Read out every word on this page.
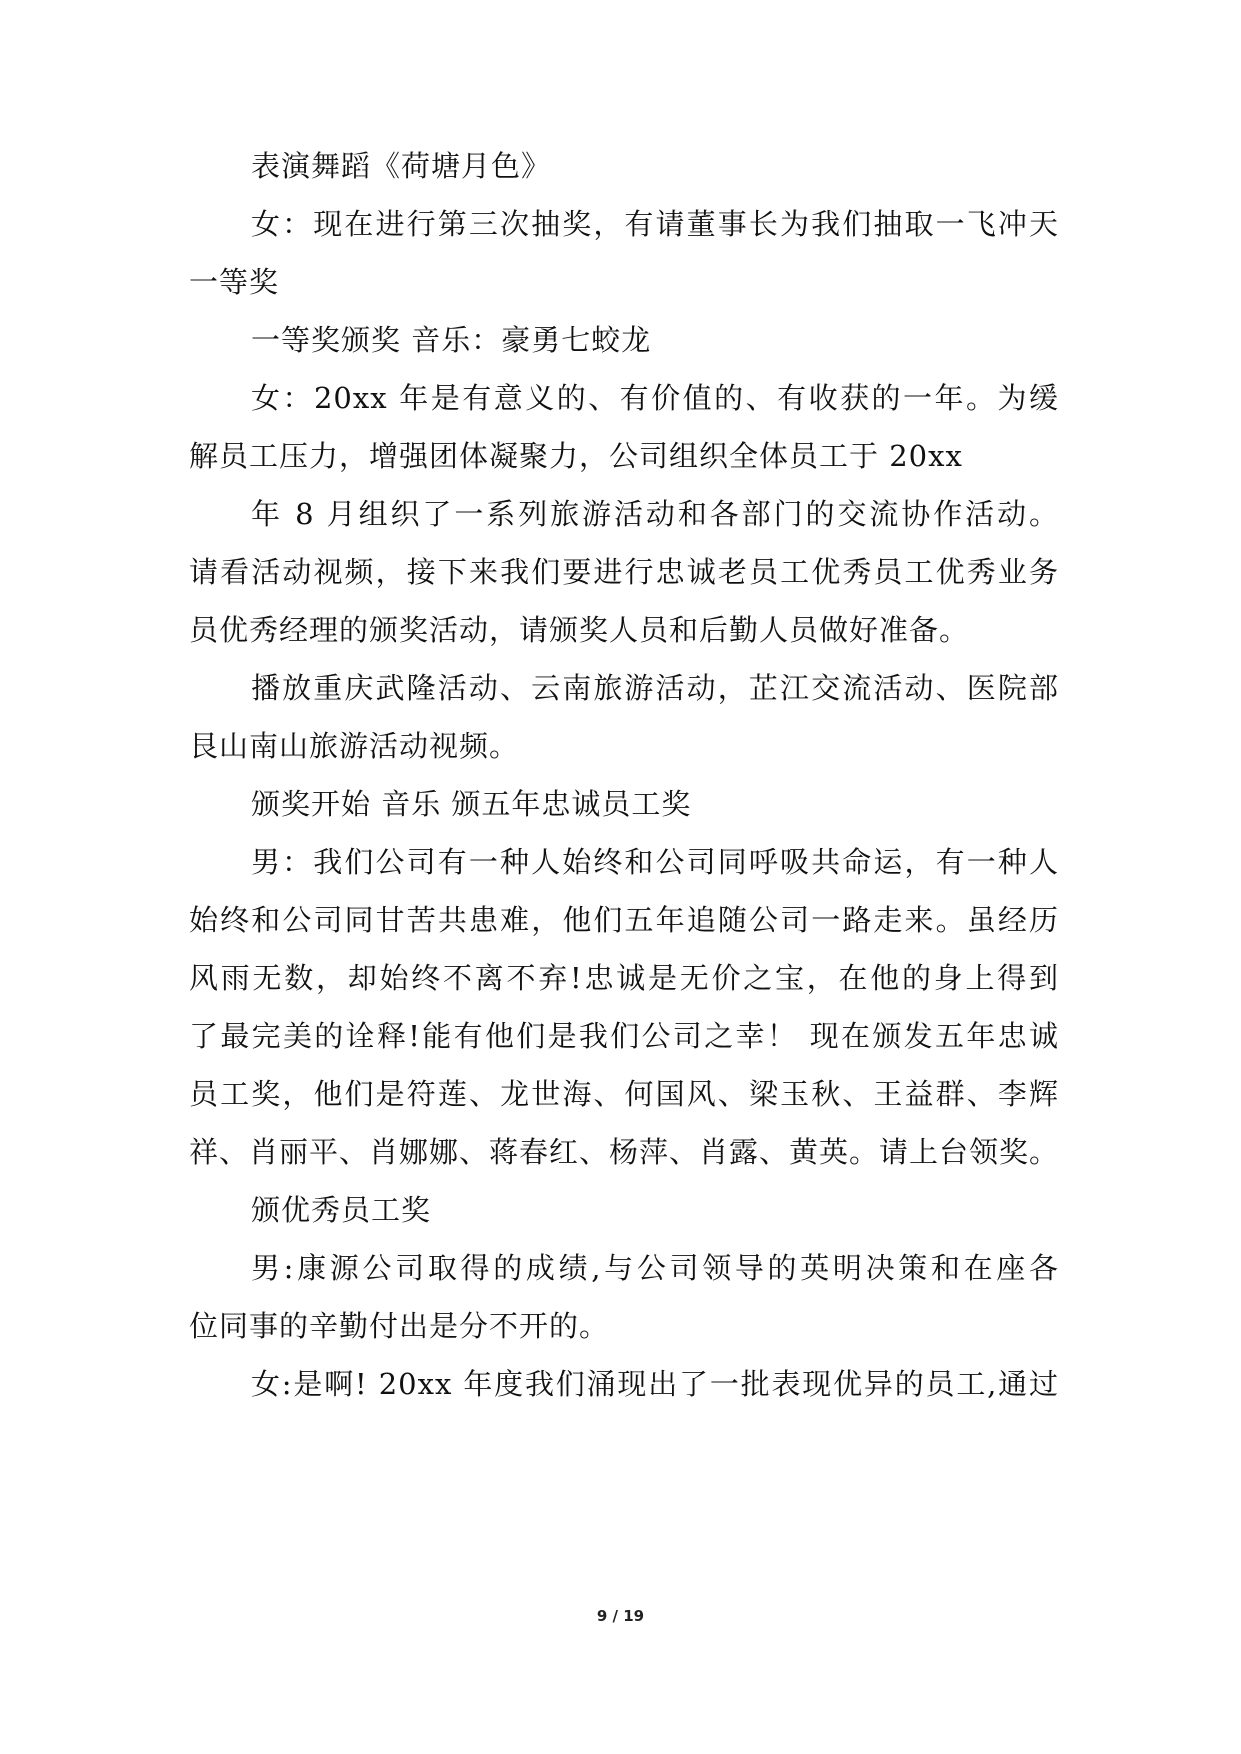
表演舞蹈《荷塘月色》
女：现在进行第三次抽奖，有请董事长为我们抽取一飞冲天
一等奖
一等奖颁奖 音乐：豪勇七蛟龙
女：20xx 年是有意义的、有价值的、有收获的一年。为缓
解员工压力，增强团体凝聚力，公司组织全体员工于 20xx
年 8 月组织了一系列旅游活动和各部门的交流协作活动。
请看活动视频，接下来我们要进行忠诚老员工优秀员工优秀业务
员优秀经理的颁奖活动，请颁奖人员和后勤人员做好准备。
播放重庆武隆活动、云南旅游活动，芷江交流活动、医院部
艮山南山旅游活动视频。
颁奖开始 音乐 颁五年忠诚员工奖
男：我们公司有一种人始终和公司同呼吸共命运，有一种人
始终和公司同甘苦共患难，他们五年追随公司一路走来。虽经历
风雨无数，却始终不离不弃!忠诚是无价之宝，在他的身上得到
了最完美的诠释!能有他们是我们公司之幸！ 现在颁发五年忠诚
员工奖，他们是符莲、龙世海、何国风、梁玉秋、王益群、李辉
祥、肖丽平、肖娜娜、蒋春红、杨萍、肖露、黄英。请上台领奖。
颁优秀员工奖
男:康源公司取得的成绩,与公司领导的英明决策和在座各
位同事的辛勤付出是分不开的。
女:是啊! 20xx 年度我们涌现出了一批表现优异的员工,通过
9 / 19
